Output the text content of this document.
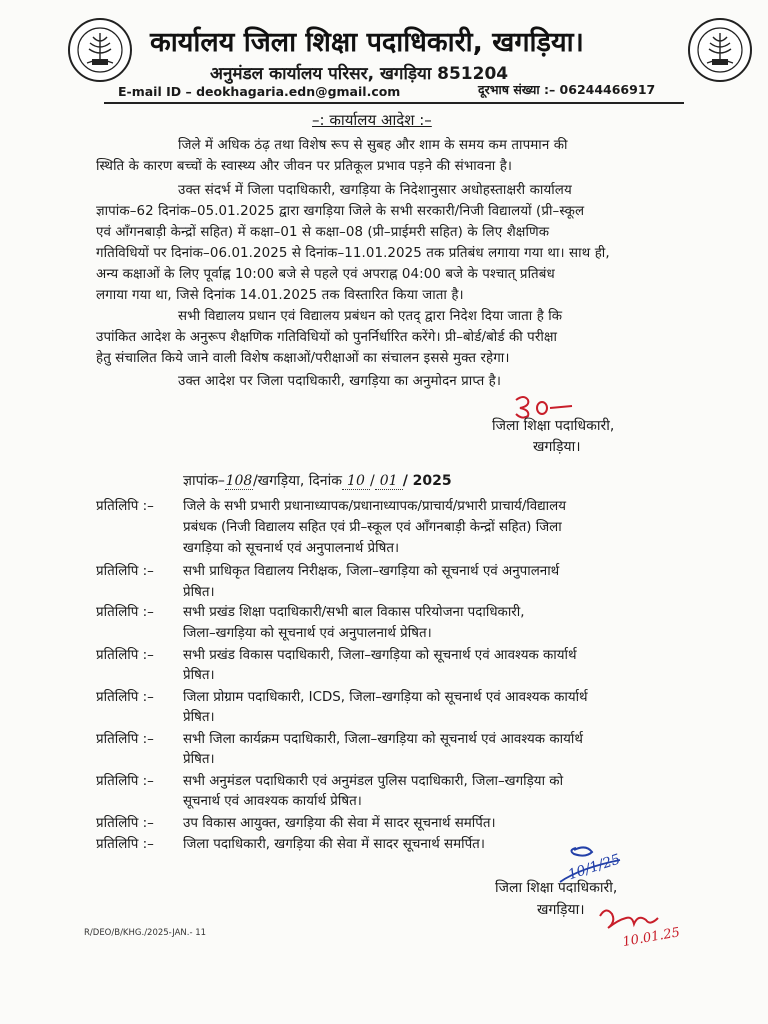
कार्यालय जिला शिक्षा पदाधिकारी, खगड़िया।
अनुमंडल कार्यालय परिसर, खगड़िया 851204
E-mail ID – deokhagaria.edn@gmail.com	दूरभाष संख्या :– 06244466917
–: कार्यालय आदेश :–
जिले में अधिक ठंढ़ तथा विशेष रूप से सुबह और शाम के समय कम तापमान की
स्थिति के कारण बच्चों के स्वास्थ्य और जीवन पर प्रतिकूल प्रभाव पड़ने की संभावना है।
उक्त संदर्भ में जिला पदाधिकारी, खगड़िया के निदेशानुसार अधोहस्ताक्षरी कार्यालय
ज्ञापांक–62 दिनांक–05.01.2025 द्वारा खगड़िया जिले के सभी सरकारी/निजी विद्यालयों (प्री–स्कूल
एवं आँगनबाड़ी केन्द्रों सहित) में कक्षा–01 से कक्षा–08 (प्री–प्राईमरी सहित) के लिए शैक्षणिक
गतिविधियों पर दिनांक–06.01.2025 से दिनांक–11.01.2025 तक प्रतिबंध लगाया गया था। साथ ही,
अन्य कक्षाओं के लिए पूर्वाह्न 10:00 बजे से पहले एवं अपराह्न 04:00 बजे के पश्चात् प्रतिबंध
लगाया गया था, जिसे दिनांक 14.01.2025 तक विस्तारित किया जाता है।
सभी विद्यालय प्रधान एवं विद्यालय प्रबंधन को एतद् द्वारा निदेश दिया जाता है कि
उपांकित आदेश के अनुरूप शैक्षणिक गतिविधियों को पुनर्निर्धारित करेंगे। प्री–बोर्ड/बोर्ड की परीक्षा
हेतु संचालित किये जाने वाली विशेष कक्षाओं/परीक्षाओं का संचालन इससे मुक्त रहेगा।
उक्त आदेश पर जिला पदाधिकारी, खगड़िया का अनुमोदन प्राप्त है।
जिला शिक्षा पदाधिकारी,
खगड़िया।
ज्ञापांक–108/खगड़िया, दिनांक 10 / 01 / 2025
प्रतिलिपि :– जिले के सभी प्रभारी प्रधानाध्यापक/प्रधानाध्यापक/प्राचार्य/प्रभारी प्राचार्य/विद्यालय
प्रबंधक (निजी विद्यालय सहित एवं प्री–स्कूल एवं आँगनबाड़ी केन्द्रों सहित) जिला
खगड़िया को सूचनार्थ एवं अनुपालनार्थ प्रेषित।
प्रतिलिपि :– सभी प्राधिकृत विद्यालय निरीक्षक, जिला–खगड़िया को सूचनार्थ एवं अनुपालनार्थ
प्रेषित।
प्रतिलिपि :– सभी प्रखंड शिक्षा पदाधिकारी/सभी बाल विकास परियोजना पदाधिकारी,
जिला–खगड़िया को सूचनार्थ एवं अनुपालनार्थ प्रेषित।
प्रतिलिपि :– सभी प्रखंड विकास पदाधिकारी, जिला–खगड़िया को सूचनार्थ एवं आवश्यक कार्यार्थ
प्रेषित।
प्रतिलिपि :– जिला प्रोग्राम पदाधिकारी, ICDS, जिला–खगड़िया को सूचनार्थ एवं आवश्यक कार्यार्थ
प्रेषित।
प्रतिलिपि :– सभी जिला कार्यक्रम पदाधिकारी, जिला–खगड़िया को सूचनार्थ एवं आवश्यक कार्यार्थ
प्रेषित।
प्रतिलिपि :– सभी अनुमंडल पदाधिकारी एवं अनुमंडल पुलिस पदाधिकारी, जिला–खगड़िया को
सूचनार्थ एवं आवश्यक कार्यार्थ प्रेषित।
प्रतिलिपि :– उप विकास आयुक्त, खगड़िया की सेवा में सादर सूचनार्थ समर्पित।
प्रतिलिपि :– जिला पदाधिकारी, खगड़िया की सेवा में सादर सूचनार्थ समर्पित।
10/1/25
जिला शिक्षा पदाधिकारी,
खगड़िया।
10.01.25
R/DEO/B/KHG./2025-JAN.- 11
